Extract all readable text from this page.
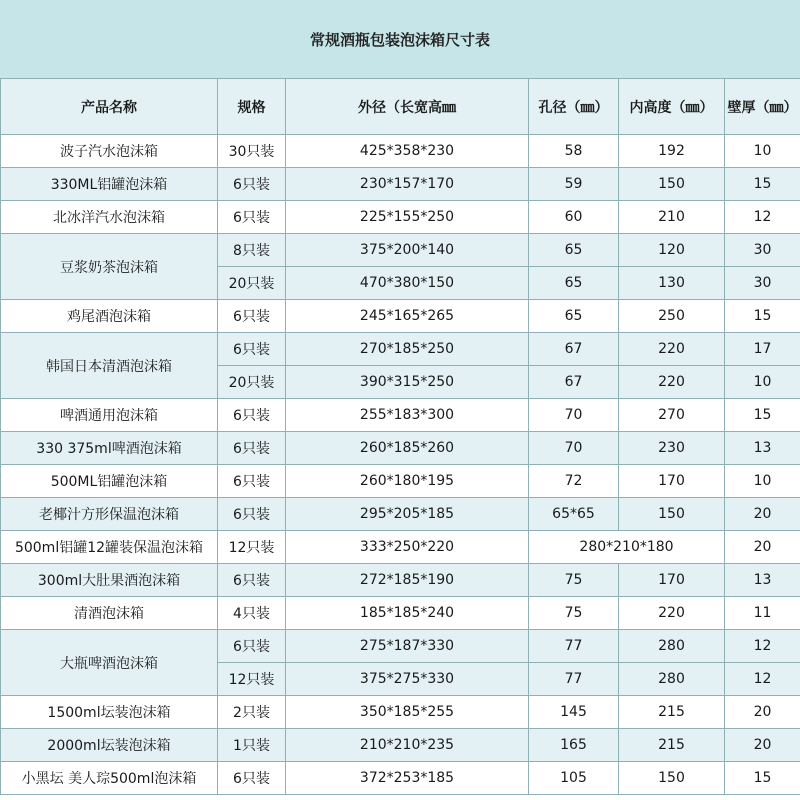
常规酒瓶包装泡沫箱尺寸表
产品名称	规格	外径（长宽高㎜	孔径（㎜）	内高度（㎜）	壁厚（㎜）
波子汽水泡沫箱	30只装	425*358*230	58	192	10
330ML铝罐泡沫箱	6只装	230*157*170	59	150	15
北冰洋汽水泡沫箱	6只装	225*155*250	60	210	12
豆浆奶茶泡沫箱	8只装	375*200*140	65	120	30
	20只装	470*380*150	65	130	30
鸡尾酒泡沫箱	6只装	245*165*265	65	250	15
韩国日本清酒泡沫箱	6只装	270*185*250	67	220	17
	20只装	390*315*250	67	220	10
啤酒通用泡沫箱	6只装	255*183*300	70	270	15
330 375ml啤酒泡沫箱	6只装	260*185*260	70	230	13
500ML铝罐泡沫箱	6只装	260*180*195	72	170	10
老椰汁方形保温泡沫箱	6只装	295*205*185	65*65	150	20
500ml铝罐12罐装保温泡沫箱	12只装	333*250*220	280*210*180		20
300ml大肚果酒泡沫箱	6只装	272*185*190	75	170	13
清酒泡沫箱	4只装	185*185*240	75	220	11
大瓶啤酒泡沫箱	6只装	275*187*330	77	280	12
	12只装	375*275*330	77	280	12
1500ml坛装泡沫箱	2只装	350*185*255	145	215	20
2000ml坛装泡沫箱	1只装	210*210*235	165	215	20
小黑坛 美人琮500ml泡沫箱	6只装	372*253*185	105	150	15
